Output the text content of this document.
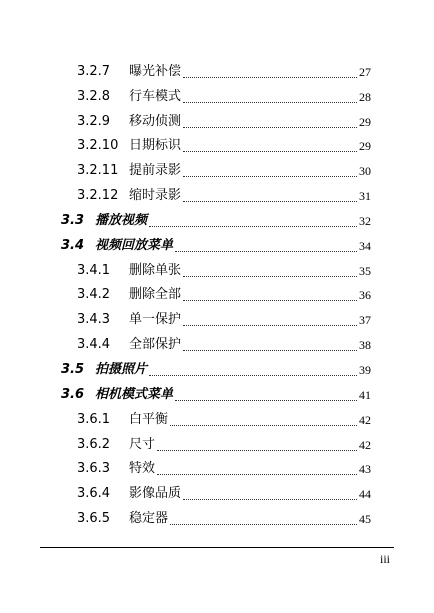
3.2.7 曝光补偿	27
3.2.8 行车模式	28
3.2.9 移动侦测	29
3.2.10 日期标识	29
3.2.11 提前录影	30
3.2.12 缩时录影	31
3.3 播放视频	32
3.4 视频回放菜单	34
3.4.1 删除单张	35
3.4.2 删除全部	36
3.4.3 单一保护	37
3.4.4 全部保护	38
3.5 拍摄照片	39
3.6 相机模式菜单	41
3.6.1 白平衡	42
3.6.2 尺寸	42
3.6.3 特效	43
3.6.4 影像品质	44
3.6.5 稳定器	45
iii
